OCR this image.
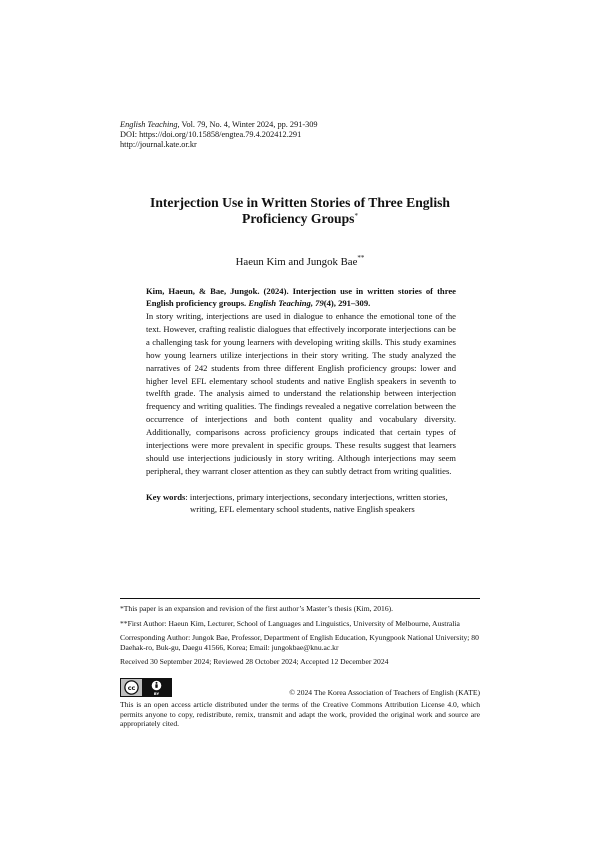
English Teaching, Vol. 79, No. 4, Winter 2024, pp. 291-309
DOI: https://doi.org/10.15858/engtea.79.4.202412.291
http://journal.kate.or.kr
Interjection Use in Written Stories of Three English
Proficiency Groups*
Haeun Kim and Jungok Bae**
Kim, Haeun, & Bae, Jungok. (2024). Interjection use in written stories of three English proficiency groups. English Teaching, 79(4), 291–309.
In story writing, interjections are used in dialogue to enhance the emotional tone of the text. However, crafting realistic dialogues that effectively incorporate interjections can be a challenging task for young learners with developing writing skills. This study examines how young learners utilize interjections in their story writing. The study analyzed the narratives of 242 students from three different English proficiency groups: lower and higher level EFL elementary school students and native English speakers in seventh to twelfth grade. The analysis aimed to understand the relationship between interjection frequency and writing qualities. The findings revealed a negative correlation between the occurrence of interjections and both content quality and vocabulary diversity. Additionally, comparisons across proficiency groups indicated that certain types of interjections were more prevalent in specific groups. These results suggest that learners should use interjections judiciously in story writing. Although interjections may seem peripheral, they warrant closer attention as they can subtly detract from writing qualities.
Key words: interjections, primary interjections, secondary interjections, written stories,
writing, EFL elementary school students, native English speakers

*This paper is an expansion and revision of the first author’s Master’s thesis (Kim, 2016).

**First Author: Haeun Kim, Lecturer, School of Languages and Linguistics, University of Melbourne, Australia

Corresponding Author: Jungok Bae, Professor, Department of English Education, Kyungpook National University; 80 Daehak-ro, Buk-gu, Daegu 41566, Korea; Email: jungokbae@knu.ac.kr

Received 30 September 2024; Reviewed 28 October 2024; Accepted 12 December 2024

cc
BY	© 2024 The Korea Association of Teachers of English (KATE)
This is an open access article distributed under the terms of the Creative Commons Attribution License 4.0, which permits anyone to copy, redistribute, remix, transmit and adapt the work, provided the original work and source are appropriately cited.
